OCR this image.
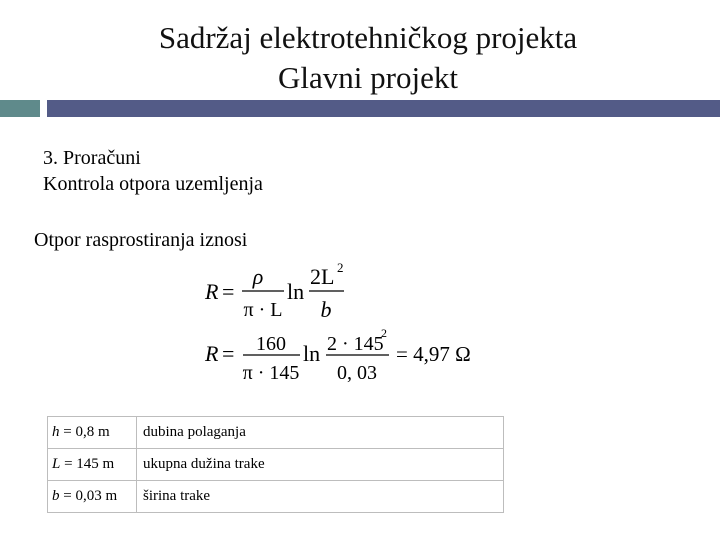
Sadržaj elektrotehničkog projekta
Glavni projekt
3. Proračuni
Kontrola otpora uzemljenja
Otpor rasprostiranja iznosi
R =
ρ
π · L
ln
2L 2
b
R = 160
π · 145
ln 2 · 145
2
0, 03
= 4,97 Ω
h = 0,8 m	dubina polaganja
L = 145 m	ukupna dužina trake
b = 0,03 m	širina trake
